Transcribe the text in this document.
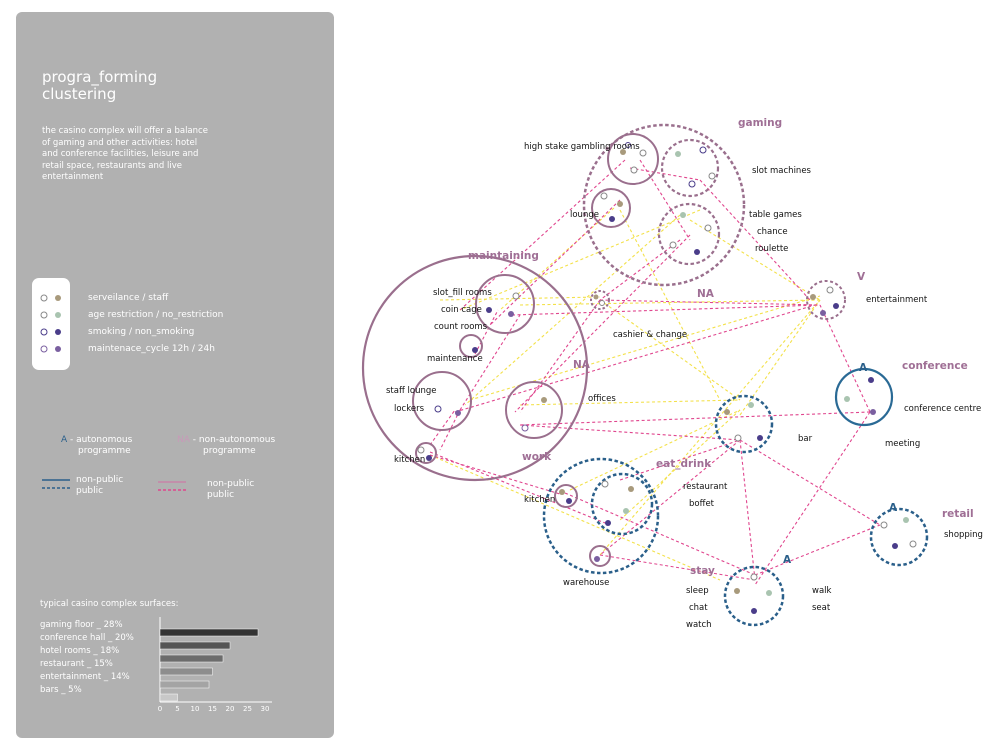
progra_forming
clustering
the casino complex will offer a balance
of gaming and other activities: hotel
and conference facilities, leisure and
retail space, restaurants and live
entertainment
serveilance / staff
age restriction / no_restriction
smoking / non_smoking
maintenace_cycle 12h / 24h
A - autonomous
programme
NA - non-autonomous
programme
non-public
public
non-public
public
typical casino complex surfaces:
gaming floor _ 28%
conference hall _ 20%
hotel rooms _ 18%
restaurant _ 15%
entertainment _ 14%
bars _ 5%
0 5 10 15 20 25 30
gaming
maintaining
work
eat_drink
stay
retail
conference
NA
NA
V
A
A
A
high stake gambling rooms
slot machines
lounge	table games
chance
roulette
slot_fill rooms
coin cage
count rooms
maintenance
staff lounge
lockers
kitchen
cashier & change
offices
entertainment
conference centre
meeting
bar
restaurant
boffet
kitchen
warehouse
sleep
chat
watch
walk
seat
shopping
